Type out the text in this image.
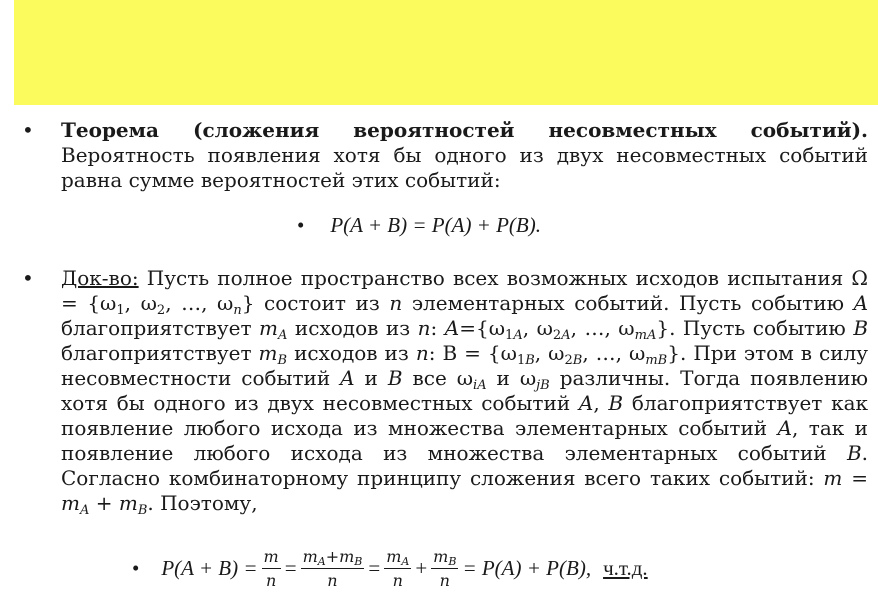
• Теорема (сложения вероятностей несовместных событий). Вероятность появления хотя бы одного из двух несовместных событий равна сумме вероятностей этих событий:
• P(A + B) = P(A) + P(B).
• Док-во: Пусть полное пространство всех возможных исходов испытания $\Omega = \{\omega_1$, $\omega_2$, …, $\omega_n$} состоит из n элементарных событий. Пусть событию A благоприятствует $m_A$ исходов из n: $A=\{\omega_{1A}$, $\omega_{2A}$, …, $\omega_{mA}$}. Пусть событию B благоприятствует $m_B$ исходов из n: $B = \{\omega_{1B}$, $\omega_{2B}$, …, $\omega_{mB}$}. При этом в силу несовместности событий A и B все $\omega_{iA}$ и $\omega_{jB}$ различны. Тогда появлению хотя бы одного из двух несовместных событий A, B благоприятствует как появление любого исхода из множества элементарных событий A, так и появление любого исхода из множества элементарных событий B. Согласно комбинаторному принципу сложения всего таких событий: $m = m_A + m_B$. Поэтому,
• $P(A + B) = \frac{m}{n} = \frac{m_A+m_B}{n} = \frac{m_A}{n} + \frac{m_B}{n} = P(A) + P(B)$, ч.т.д.
